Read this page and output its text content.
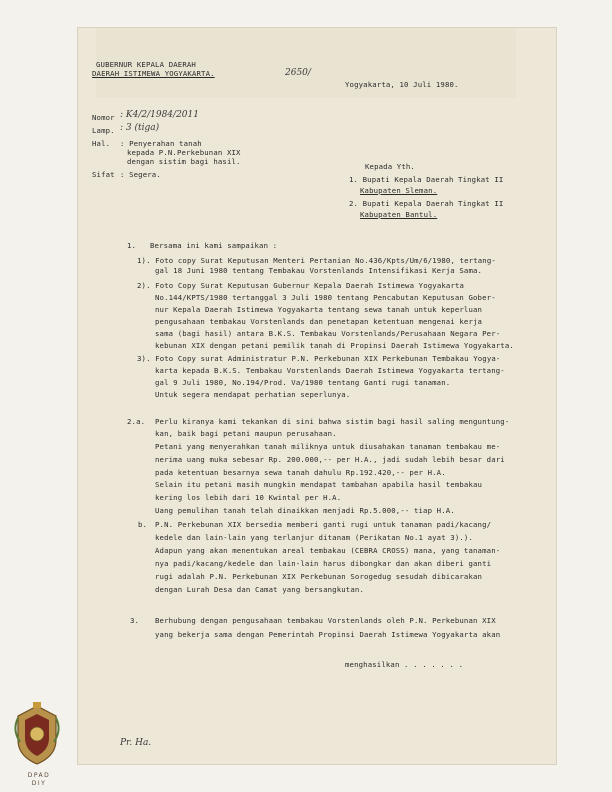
GUBERNUR KEPALA DAERAH
DAERAH ISTIMEWA YOGYAKARTA.	2650/
Yogyakarta, 10 Juli 1980.
Nomor : K4/2/1984/2011
Lamp. : 3 (tiga)
Hal. : Penyerahan tanah
kepada P.N.Perkebunan XIX
dengan sistim bagi hasil.
Sifat : Segera.
Kepada Yth.
1. Bupati Kepala Daerah Tingkat II
Kabupaten Sleman.
2. Bupati Kepala Daerah Tingkat II
Kabupaten Bantul.
1. Bersama ini kami sampaikan :
1). Foto copy Surat Keputusan Menteri Pertanian No.436/Kpts/Um/6/1980, tertang-
gal 18 Juni 1980 tentang Tembakau Vorstenlands Intensifikasi Kerja Sama.
2). Foto Copy Surat Keputusan Gubernur Kepala Daerah Istimewa Yogyakarta
No.144/KPTS/1980 tertanggal 3 Juli 1980 tentang Pencabutan Keputusan Gober-
nur Kepala Daerah Istimewa Yogyakarta tentang sewa tanah untuk keperluan
pengusahaan tembakau Vorstenlands dan penetapan ketentuan mengenai kerja
sama (bagi hasil) antara B.K.S. Tembakau Vorstenlands/Perusahaan Negara Per-
kebunan XIX dengan petani pemilik tanah di Propinsi Daerah Istimewa Yogyakarta.
3). Foto Copy surat Administratur P.N. Perkebunan XIX Perkebunan Tembakau Yogya-
karta kepada B.K.S. Tembakau Vorstenlands Daerah Istimewa Yogyakarta tertang-
gal 9 Juli 1980, No.194/Prod. Va/1980 tentang Ganti rugi tanaman.
Untuk segera mendapat perhatian seperlunya.
2.a. Perlu kiranya kami tekankan di sini bahwa sistim bagi hasil saling menguntung-
kan, baik bagi petani maupun perusahaan.
Petani yang menyerahkan tanah miliknya untuk diusahakan tanaman tembakau me-
nerima uang muka sebesar Rp. 200.000,-- per H.A., jadi sudah lebih besar dari
pada ketentuan besarnya sewa tanah dahulu Rp.192.420,-- per H.A.
Selain itu petani masih mungkin mendapat tambahan apabila hasil tembakau
kering los lebih dari 10 Kwintal per H.A.
Uang pemulihan tanah telah dinaikkan menjadi Rp.5.000,-- tiap H.A.
b. P.N. Perkebunan XIX bersedia memberi ganti rugi untuk tanaman padi/kacang/
kedele dan lain-lain yang terlanjur ditanam (Perikatan No.1 ayat 3).).
Adapun yang akan menentukan areal tembakau (CEBRA CROSS) mana, yang tanaman-
nya padi/kacang/kedele dan lain-lain harus dibongkar dan akan diberi ganti
rugi adalah P.N. Perkebunan XIX Perkebunan Sorogedug sesudah dibicarakan
dengan Lurah Desa dan Camat yang bersangkutan.
3. Berhubung dengan pengusahaan tembakau Vorstenlands oleh P.N. Perkebunan XIX
yang bekerja sama dengan Pemerintah Propinsi Daerah Istimewa Yogyakarta akan
menghasilkan . . . . . . .
Pr. Ha.
DPAD
DIY
